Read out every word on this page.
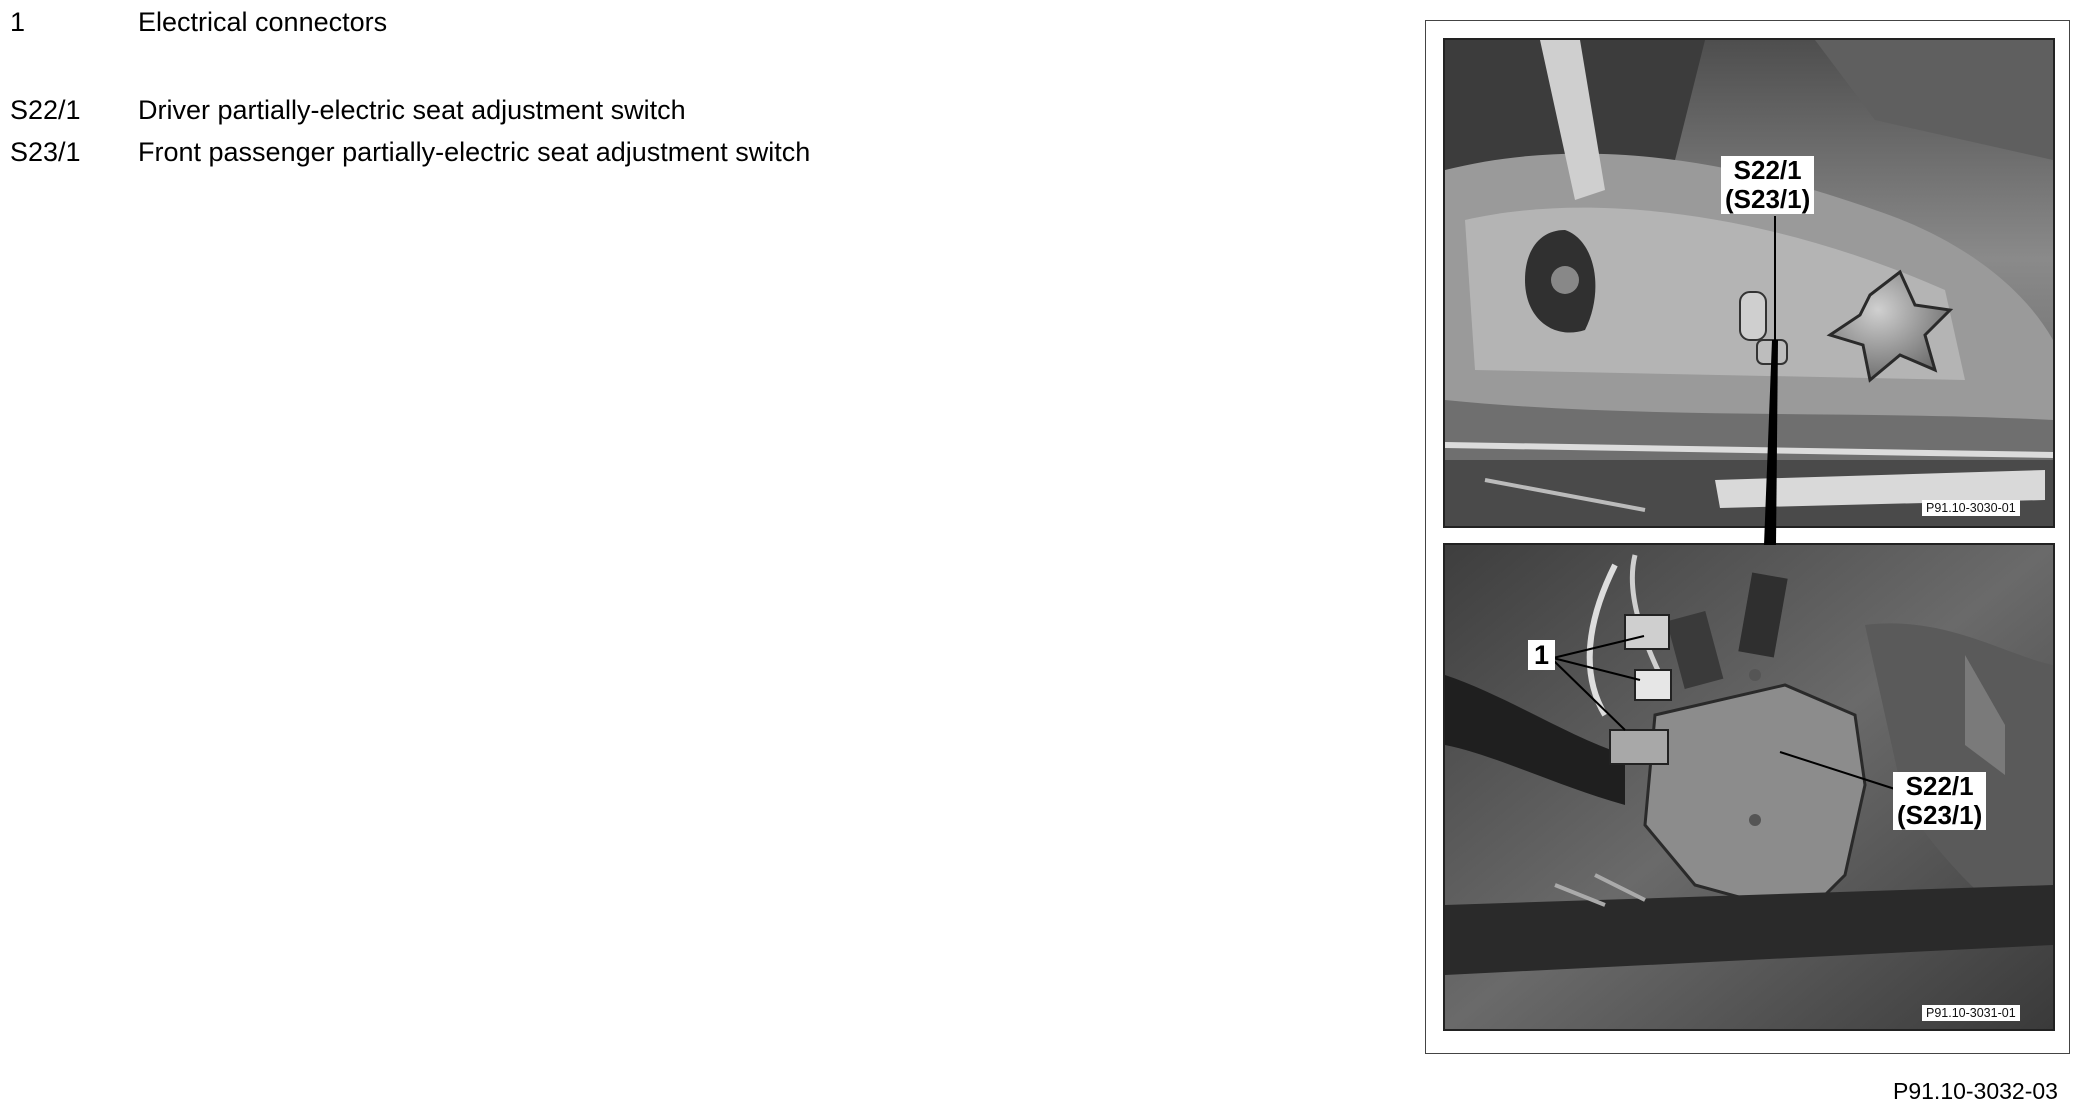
1	Electrical connectors
S22/1 Driver partially-electric seat adjustment switch
S23/1 Front passenger partially-electric seat adjustment switch
S22/1
(S23/1)
S22/1
(S23/1)
1
P91.10-3030-01
P91.10-3031-01
P91.10-3032-03
